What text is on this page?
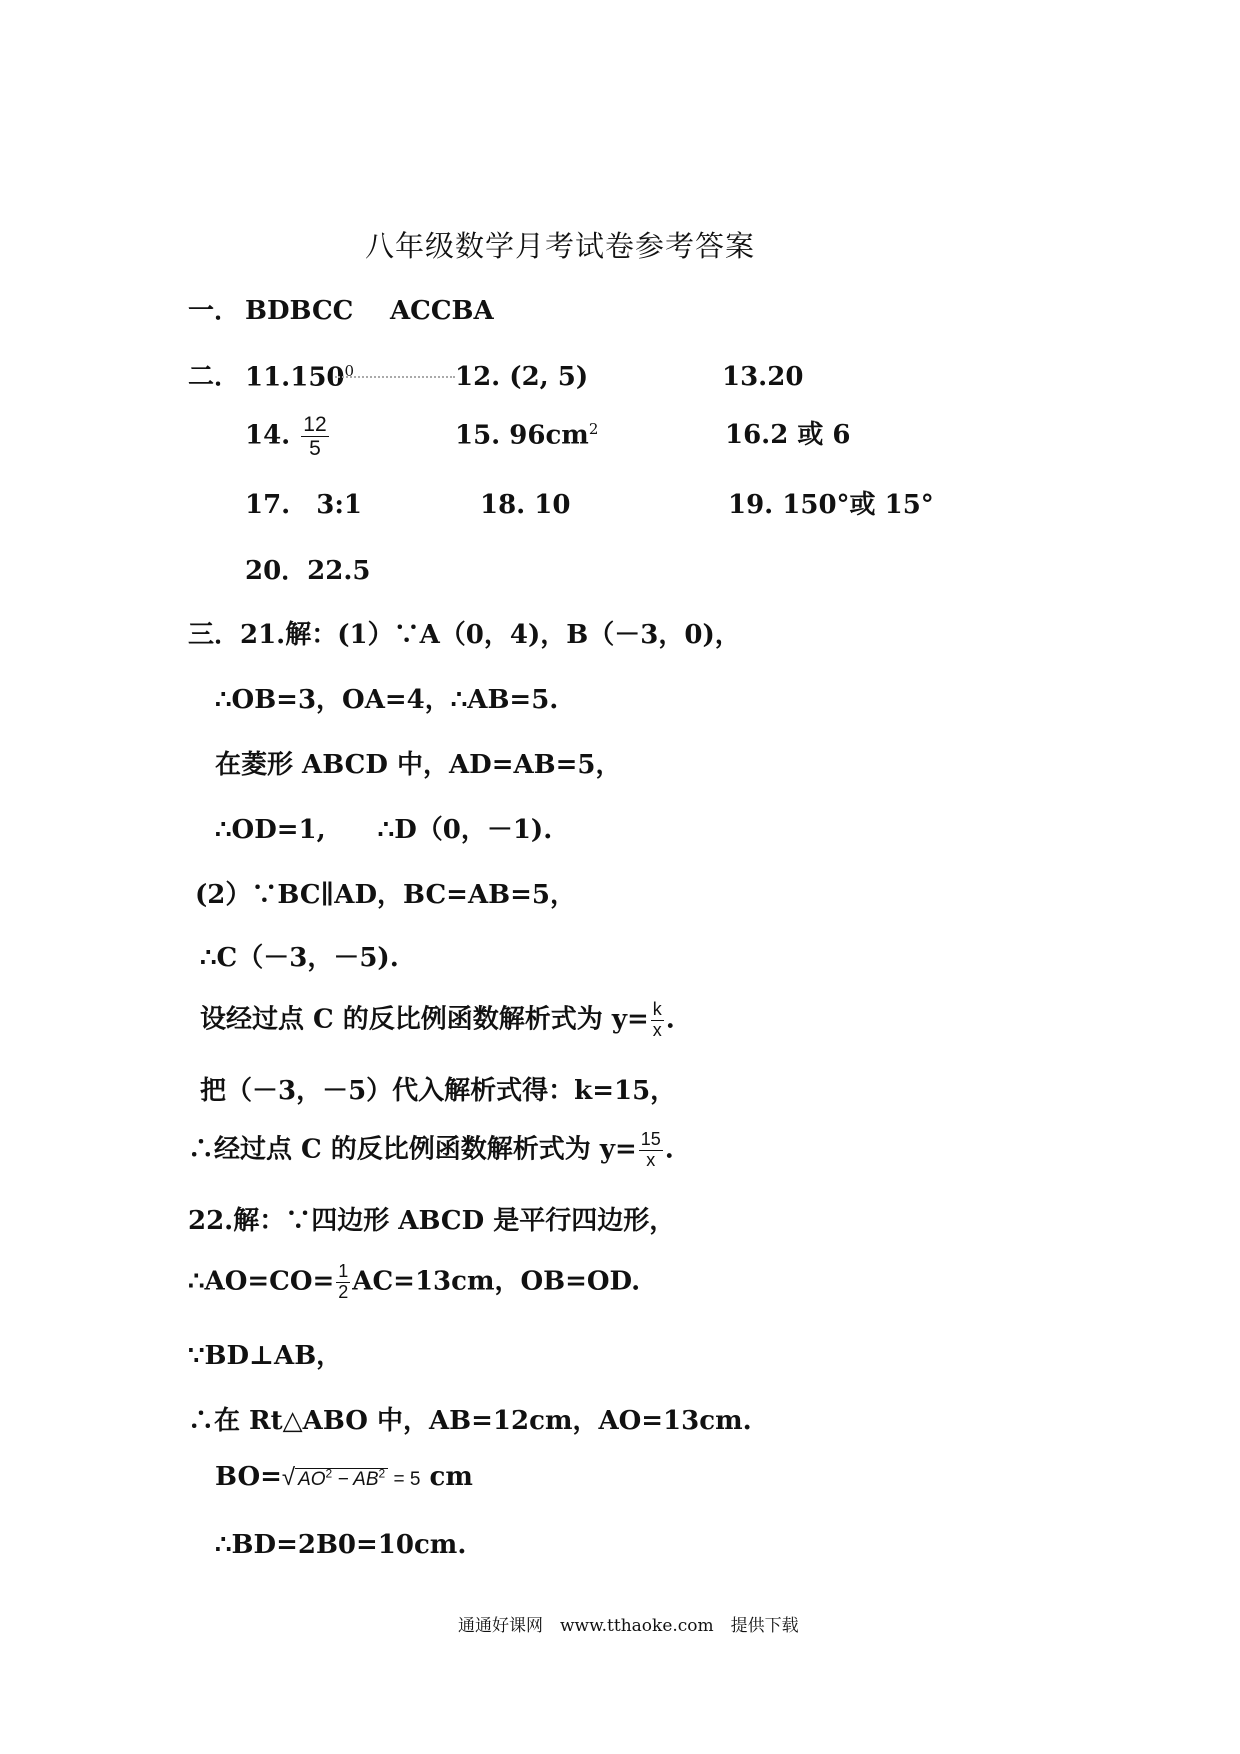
八年级数学月考试卷参考答案
一． BDBCC ACCBA
二． 11.150$^0$	12. (2, 5)	13.20
14. $\frac{12}{5}$	15. $96cm^2$	16.2 或 6
17.　3:1	18. 10	19. 150°或 15°
20．22.5
三．21.解：(1）∵A（0，4)，B（－3，0)，
∴OB=3，OA=4，∴AB=5.
在菱形 ABCD 中，AD=AB=5，
∴OD=1,　　∴D（0，－1).
(2）∵BC∥AD，BC=AB=5，
∴C（－3，－5).
设经过点 C 的反比例函数解析式为 $y= \frac{k}{x}$ .
把（－3，－5）代入解析式得：k=15，
∴经过点 C 的反比例函数解析式为 $y= \frac{15}{x}$ .
22.解：∵四边形 ABCD 是平行四边形，
∴AO=CO= $\frac{1}{2} AC=13cm$，OB=OD.
∵BD⊥AB，
∴在 Rt△ABO 中，AB=12cm，AO=13cm.
BO=√ $AO^2 - AB^2 = 5$ cm
∴BD=2B0=10cm.
通通好课网　www.tthaoke.com　提供下载
